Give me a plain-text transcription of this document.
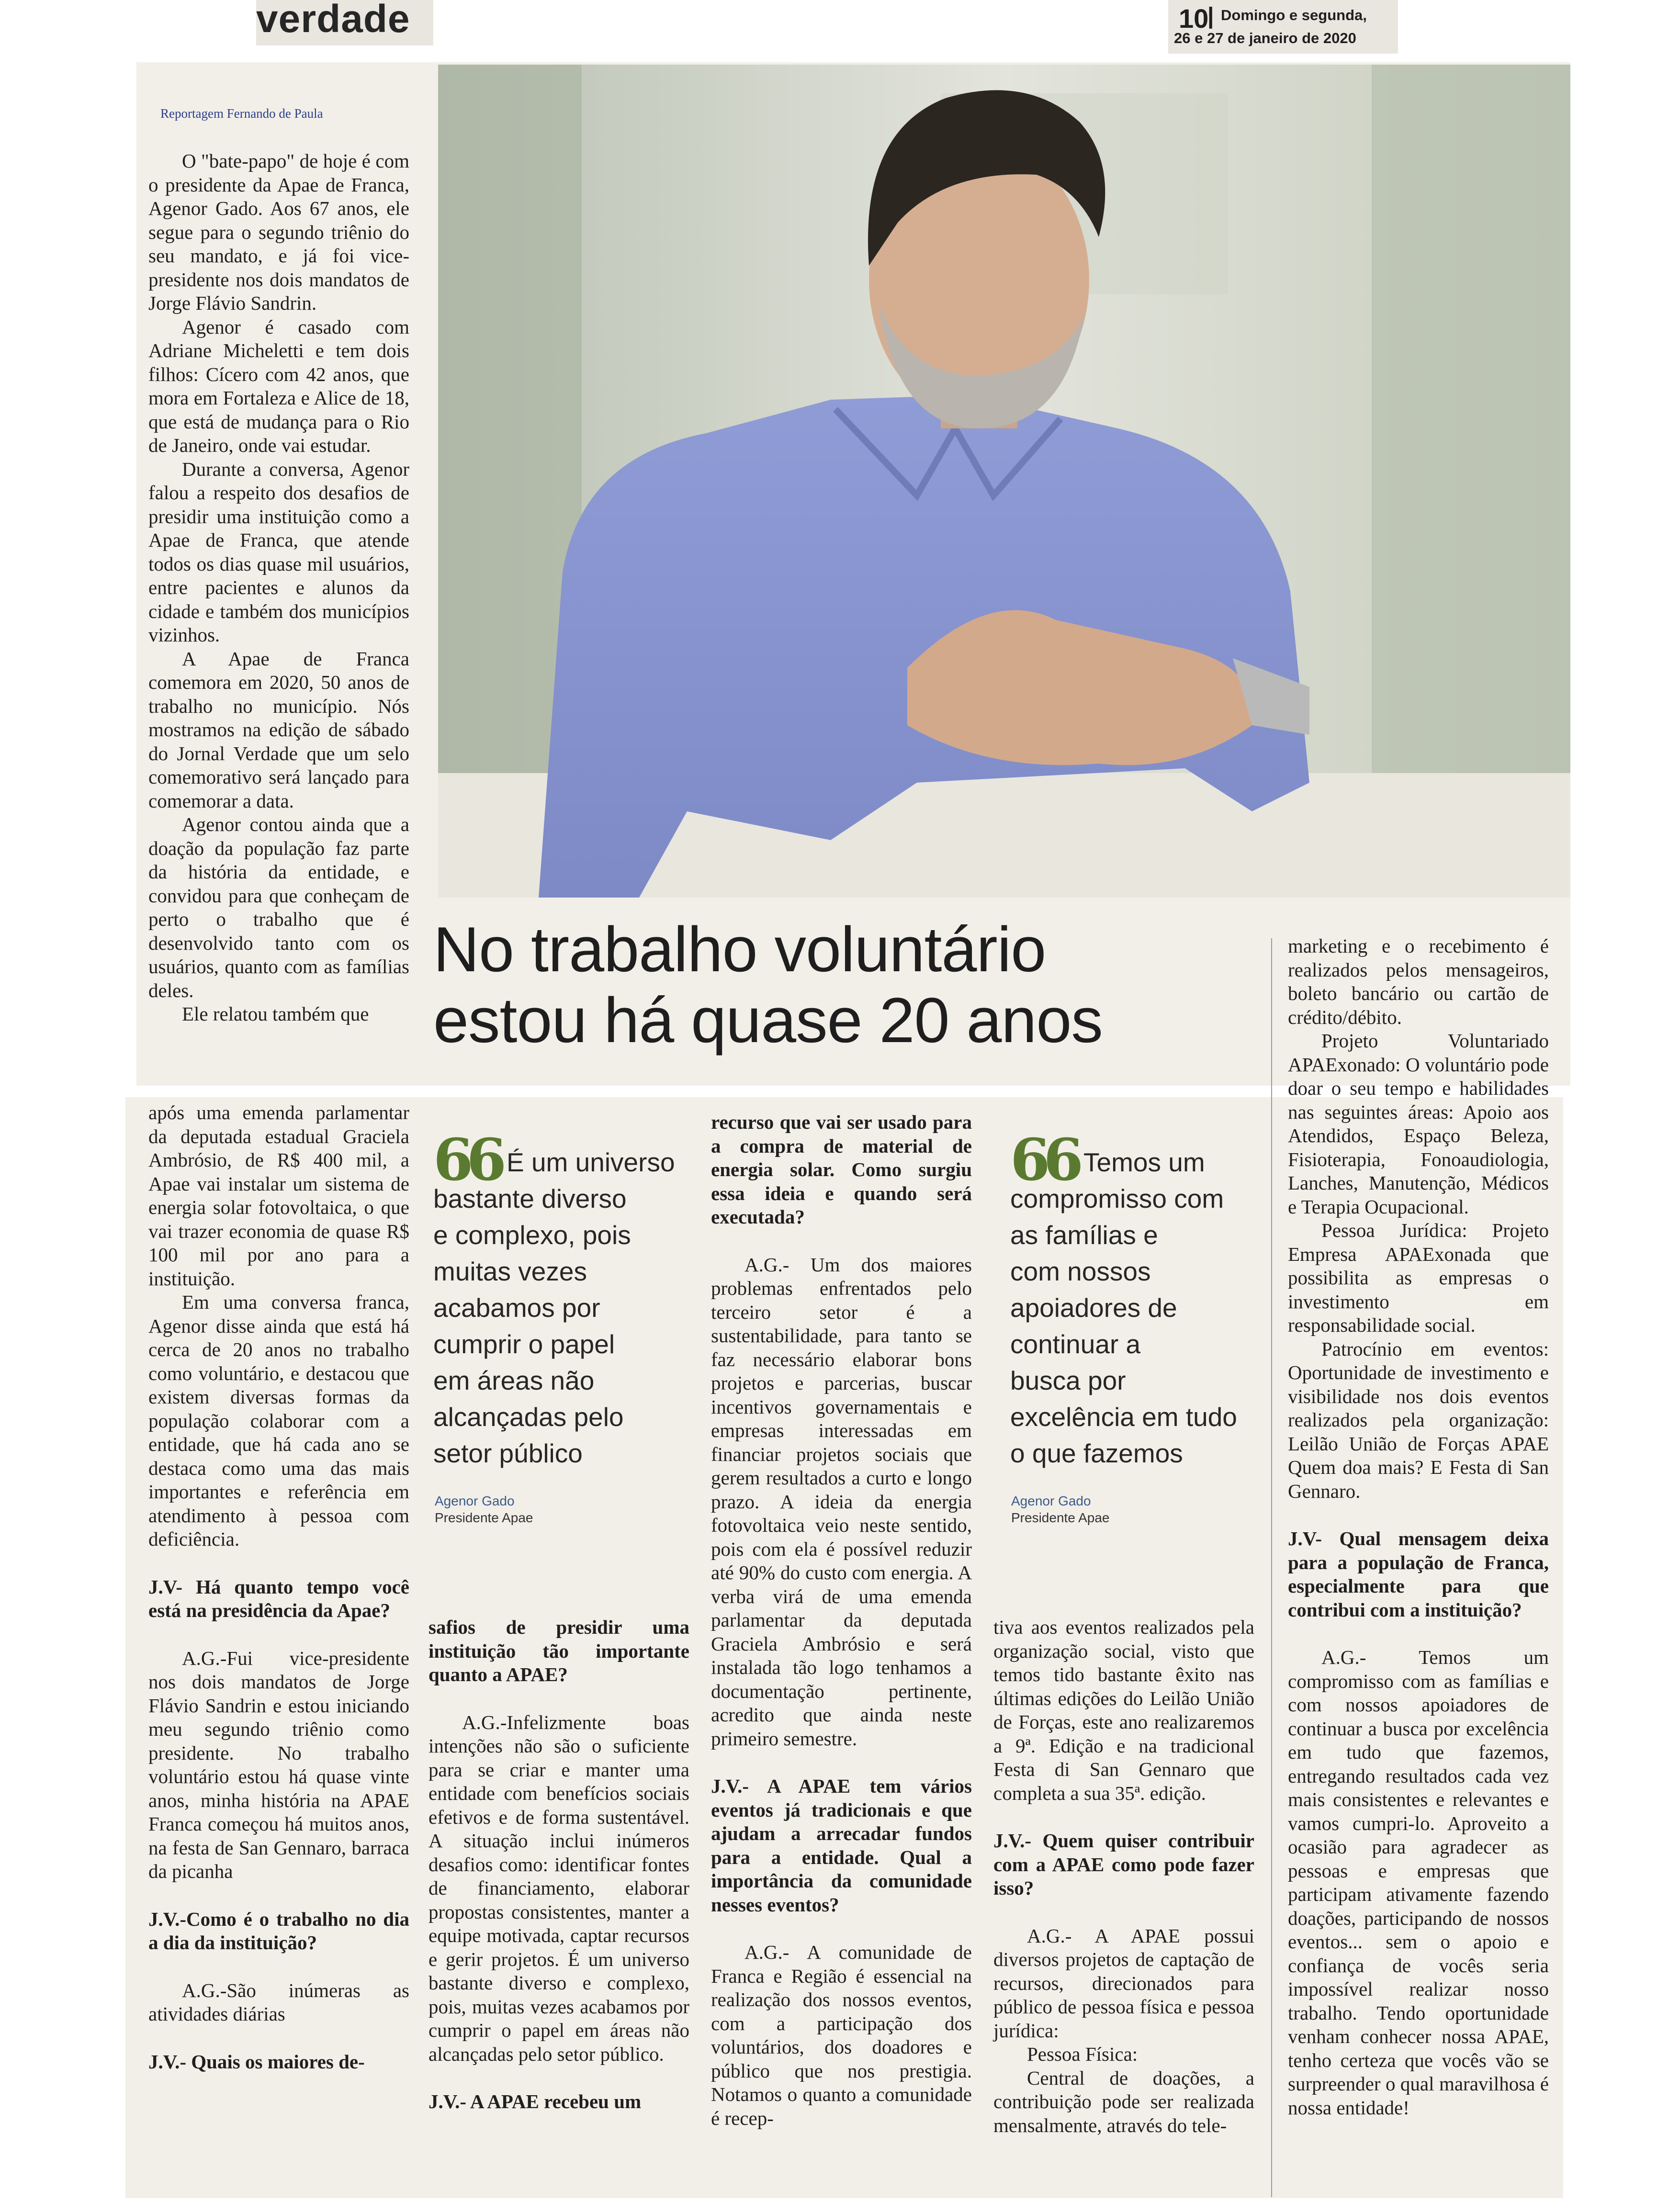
verdade	10
| Domingo e segunda,
26 e 27 de janeiro de 2020
Reportagem Fernando de Paula

O "bate-papo" de hoje é com o presidente da Apae de Franca, Agenor Gado. Aos 67 anos, ele segue para o segundo triênio do seu mandato, e já foi vice-presidente nos dois mandatos de Jorge Flávio Sandrin.

Agenor é casado com Adriane Micheletti e tem dois filhos: Cícero com 42 anos, que mora em Fortaleza e Alice de 18, que está de mudança para o Rio de Janeiro, onde vai estudar.

Durante a conversa, Agenor falou a respeito dos desafios de presidir uma instituição como a Apae de Franca, que atende todos os dias quase mil usuários, entre pacientes e alunos da cidade e também dos municípios vizinhos.

A Apae de Franca comemora em 2020, 50 anos de trabalho no município. Nós mostramos na edição de sábado do Jornal Verdade que um selo comemorativo será lançado para comemorar a data.

Agenor contou ainda que a doação da população faz parte da história da entidade, e convidou para que conheçam de perto o trabalho que é desenvolvido tanto com os usuários, quanto com as famílias deles.

Ele relatou também que

No trabalho voluntário
estou há quase 20 anos

marketing e o recebimento é realizados pelos mensageiros, boleto bancário ou cartão de crédito/débito.

Projeto Voluntariado APAExonado: O voluntário pode doar o seu tempo e habilidades nas seguintes áreas: Apoio aos Atendidos, Espaço Beleza, Fisioterapia, Fonoaudiologia, Lanches, Manutenção, Médicos e Terapia Ocupacional.

Pessoa Jurídica: Projeto Empresa APAExonada que possibilita as empresas o investimento em responsabilidade social.

Patrocínio em eventos: Oportunidade de investimento e visibilidade nos dois eventos realizados pela organização: Leilão União de Forças APAE Quem doa mais? E Festa di San Gennaro.

J.V- Qual mensagem deixa para a população de Franca, especialmente para que contribui com a instituição?

A.G.- Temos um compromisso com as famílias e com nossos apoiadores de continuar a busca por excelência em tudo que fazemos, entregando resultados cada vez mais consistentes e relevantes e vamos cumpri-lo. Aproveito a ocasião para agradecer as pessoas e empresas que participam ativamente fazendo doações, participando de nossos eventos... sem o apoio e confiança de vocês seria impossível realizar nosso trabalho. Tendo oportunidade venham conhecer nossa APAE, tenho certeza que vocês vão se surpreender o qual maravilhosa é nossa entidade!

após uma emenda parlamentar da deputada estadual Graciela Ambrósio, de R$ 400 mil, a Apae vai instalar um sistema de energia solar fotovoltaica, o que vai trazer economia de quase R$ 100 mil por ano para a instituição.

Em uma conversa franca, Agenor disse ainda que está há cerca de 20 anos no trabalho como voluntário, e destacou que existem diversas formas da população colaborar com a entidade, que há cada ano se destaca como uma das mais importantes e referência em atendimento à pessoa com deficiência.

J.V- Há quanto tempo você está na presidência da Apae?

A.G.-Fui vice-presidente nos dois mandatos de Jorge Flávio Sandrin e estou iniciando meu segundo triênio como presidente. No trabalho voluntário estou há quase vinte anos, minha história na APAE Franca começou há muitos anos, na festa de San Gennaro, barraca da picanha

J.V.-Como é o trabalho no dia a dia da instituição?

A.G.-São inúmeras as atividades diárias

J.V.- Quais os maiores de-

66 É um universo
bastante diverso
e complexo, pois
muitas vezes
acabamos por
cumprir o papel
em áreas não
alcançadas pelo
setor público
Agenor Gado
Presidente Apae

safios de presidir uma instituição tão importante quanto a APAE?

A.G.-Infelizmente boas intenções não são o suficiente para se criar e manter uma entidade com benefícios sociais efetivos e de forma sustentável. A situação inclui inúmeros desafios como: identificar fontes de financiamento, elaborar propostas consistentes, manter a equipe motivada, captar recursos e gerir projetos. É um universo bastante diverso e complexo, pois, muitas vezes acabamos por cumprir o papel em áreas não alcançadas pelo setor público.

J.V.- A APAE recebeu um

recurso que vai ser usado para a compra de material de energia solar. Como surgiu essa ideia e quando será executada?

A.G.- Um dos maiores problemas enfrentados pelo terceiro setor é a sustentabilidade, para tanto se faz necessário elaborar bons projetos e parcerias, buscar incentivos governamentais e empresas interessadas em financiar projetos sociais que gerem resultados a curto e longo prazo. A ideia da energia fotovoltaica veio neste sentido, pois com ela é possível reduzir até 90% do custo com energia. A verba virá de uma emenda parlamentar da deputada Graciela Ambrósio e será instalada tão logo tenhamos a documentação pertinente, acredito que ainda neste primeiro semestre.

J.V.- A APAE tem vários eventos já tradicionais e que ajudam a arrecadar fundos para a entidade. Qual a importância da comunidade nesses eventos?

A.G.- A comunidade de Franca e Região é essencial na realização dos nossos eventos, com a participação dos voluntários, dos doadores e público que nos prestigia. Notamos o quanto a comunidade é recep-

66 Temos um
compromisso com
as famílias e
com nossos
apoiadores de
continuar a
busca por
excelência em tudo
o que fazemos
Agenor Gado
Presidente Apae

tiva aos eventos realizados pela organização social, visto que temos tido bastante êxito nas últimas edições do Leilão União de Forças, este ano realizaremos a 9ª. Edição e na tradicional Festa di San Gennaro que completa a sua 35ª. edição.

J.V.- Quem quiser contribuir com a APAE como pode fazer isso?

A.G.- A APAE possui diversos projetos de captação de recursos, direcionados para público de pessoa física e pessoa jurídica:

Pessoa Física:

Central de doações, a contribuição pode ser realizada mensalmente, através do tele-
